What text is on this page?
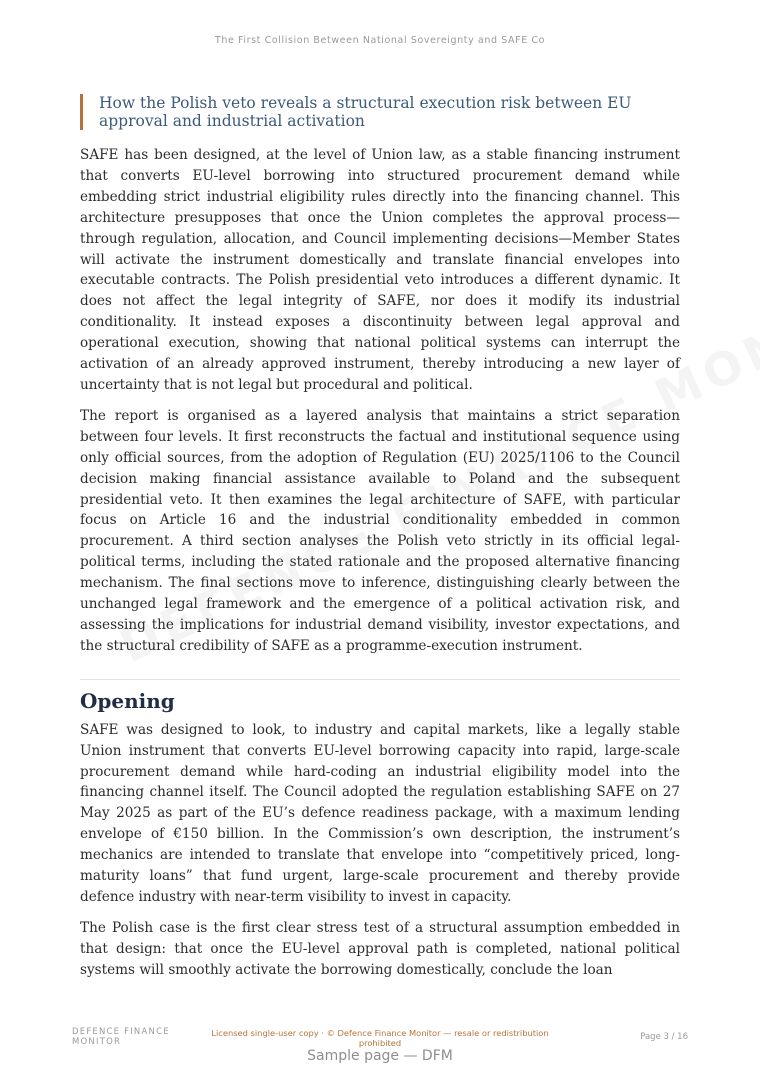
The First Collision Between National Sovereignty and SAFE Co
How the Polish veto reveals a structural execution risk between EU approval and industrial activation

SAFE has been designed, at the level of Union law, as a stable financing instrument that converts EU-level borrowing into structured procurement demand while embedding strict industrial eligibility rules directly into the financing channel. This architecture presupposes that once the Union completes the approval process—through regulation, allocation, and Council implementing decisions—Member States will activate the instrument domestically and translate financial envelopes into executable contracts. The Polish presidential veto introduces a different dynamic. It does not affect the legal integrity of SAFE, nor does it modify its industrial conditionality. It instead exposes a discontinuity between legal approval and operational execution, showing that national political systems can interrupt the activation of an already approved instrument, thereby introducing a new layer of uncertainty that is not legal but procedural and political.

The report is organised as a layered analysis that maintains a strict separation between four levels. It first reconstructs the factual and institutional sequence using only official sources, from the adoption of Regulation (EU) 2025/1106 to the Council decision making financial assistance available to Poland and the subsequent presidential veto. It then examines the legal architecture of SAFE, with particular focus on Article 16 and the industrial conditionality embedded in common procurement. A third section analyses the Polish veto strictly in its official legal-political terms, including the stated rationale and the proposed alternative financing mechanism. The final sections move to inference, distinguishing clearly between the unchanged legal framework and the emergence of a political activation risk, and assessing the implications for industrial demand visibility, investor expectations, and the structural credibility of SAFE as a programme-execution instrument.

Opening

SAFE was designed to look, to industry and capital markets, like a legally stable Union instrument that converts EU-level borrowing capacity into rapid, large-scale procurement demand while hard-coding an industrial eligibility model into the financing channel itself. The Council adopted the regulation establishing SAFE on 27 May 2025 as part of the EU’s defence readiness package, with a maximum lending envelope of €150 billion. In the Commission’s own description, the instrument’s mechanics are intended to translate that envelope into “competitively priced, long-maturity loans” that fund urgent, large-scale procurement and thereby provide defence industry with near-term visibility to invest in capacity.

The Polish case is the first clear stress test of a structural assumption embedded in that design: that once the EU-level approval path is completed, national political systems will smoothly activate the borrowing domestically, conclude the loan

DEFENCE FINANCE
MONITOR
Licensed single-user copy · © Defence Finance Monitor — resale or redistribution
prohibited
Page 3 / 16
Sample page — DFM
